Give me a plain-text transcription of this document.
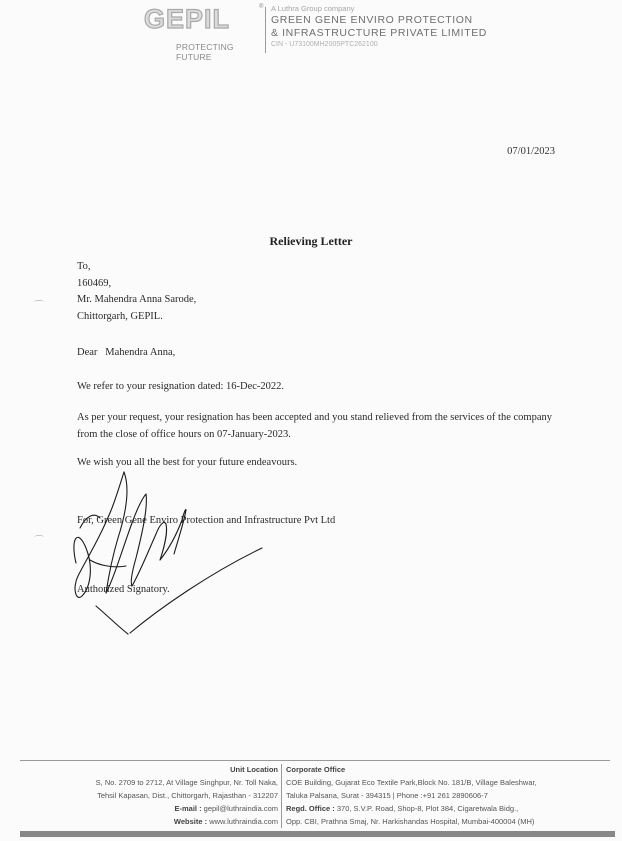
GEPIL
PROTECTING FUTURE
® A Luthra Group company
GREEN GENE ENVIRO PROTECTION
& INFRASTRUCTURE PRIVATE LIMITED
CIN - U73100MH2005PTC262100
07/01/2023
Relieving Letter
To,
160469,
Mr. Mahendra Anna Sarode,
Chittorgarh, GEPIL.
Dear   Mahendra Anna,
We refer to your resignation dated: 16-Dec-2022.
As per your request, your resignation has been accepted and you stand relieved from the services of the company from the close of office hours on 07-January-2023.
We wish you all the best for your future endeavours.
For, Green Gene Enviro Protection and Infrastructure Pvt Ltd
Authorized Signatory.
⌒
⌒
Unit Location
S, No. 2709 to 2712, At Village Singhpur, Nr. Toll Naka,
Tehsil Kapasan, Dist., Chittorgarh, Rajasthan - 312207
E-mail : gepil@luthraindia.com
Website : www.luthraindia.com
Corporate Office
COE Building, Gujarat Eco Textile Park,Block No. 181/B, Village Baleshwar,
Taluka Palsana, Surat - 394315 | Phone :+91 261 2890606-7
Regd. Office : 370, S.V.P. Road, Shop-8, Plot 384, Cigaretwala Bidg.,
Opp. CBI, Prathna Smaj, Nr. Harkishandas Hospital, Mumbai-400004 (MH)
